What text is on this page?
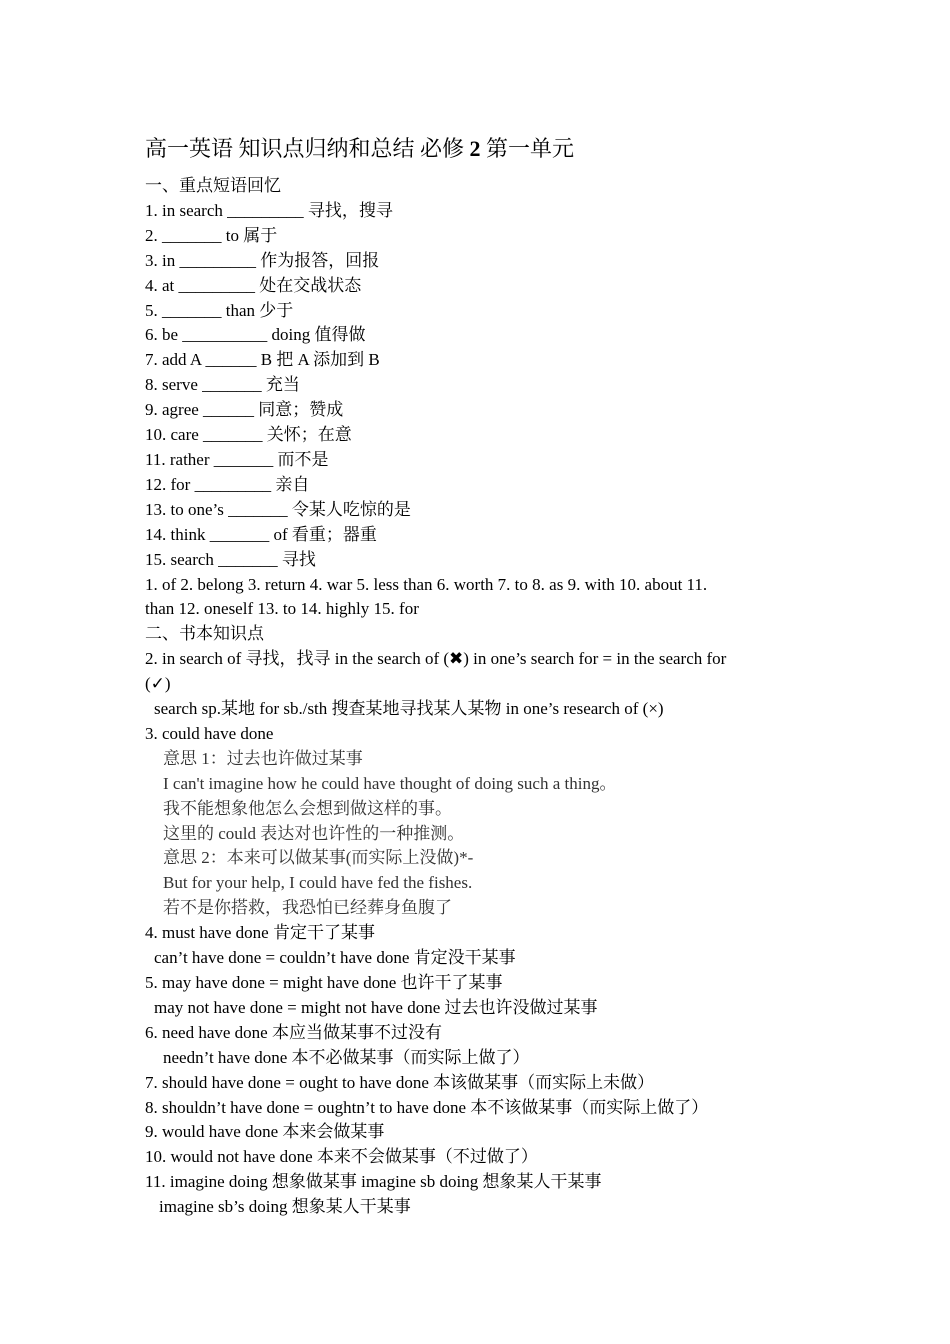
高一英语 知识点归纳和总结 必修 2 第一单元
一、重点短语回忆
1. in search _________ 寻找，搜寻
2. _______ to 属于
3. in _________ 作为报答，回报
4. at _________ 处在交战状态
5. _______ than 少于
6. be __________ doing 值得做
7. add A ______ B 把 A 添加到 B
8. serve _______ 充当
9. agree ______ 同意；赞成
10. care _______ 关怀；在意
11. rather _______ 而不是
12. for _________ 亲自
13. to one’s _______ 令某人吃惊的是
14. think _______ of 看重；器重
15. search _______ 寻找
1. of 2. belong 3. return 4. war 5. less than 6. worth 7. to 8. as 9. with 10. about 11.
than 12. oneself 13. to 14. highly 15. for
二、书本知识点
2. in search of 寻找，找寻 in the search of (✖) in one’s search for = in the search for
(✓)
search sp.某地 for sb./sth 搜查某地寻找某人某物 in one’s research of (×)
3. could have done
意思 1：过去也许做过某事
I can't imagine how he could have thought of doing such a thing。
我不能想象他怎么会想到做这样的事。
这里的 could 表达对也许性的一种推测。
意思 2：本来可以做某事(而实际上没做)*-
But for your help, I could have fed the fishes.
若不是你搭救，我恐怕已经葬身鱼腹了
4. must have done 肯定干了某事
can’t have done = couldn’t have done 肯定没干某事
5. may have done = might have done 也许干了某事
may not have done = might not have done 过去也许没做过某事
6. need have done 本应当做某事不过没有
needn’t have done 本不必做某事（而实际上做了）
7. should have done = ought to have done 本该做某事（而实际上未做）
8. shouldn’t have done = oughtn’t to have done 本不该做某事（而实际上做了）
9. would have done 本来会做某事
10. would not have done 本来不会做某事（不过做了）
11. imagine doing 想象做某事 imagine sb doing 想象某人干某事
imagine sb’s doing 想象某人干某事
